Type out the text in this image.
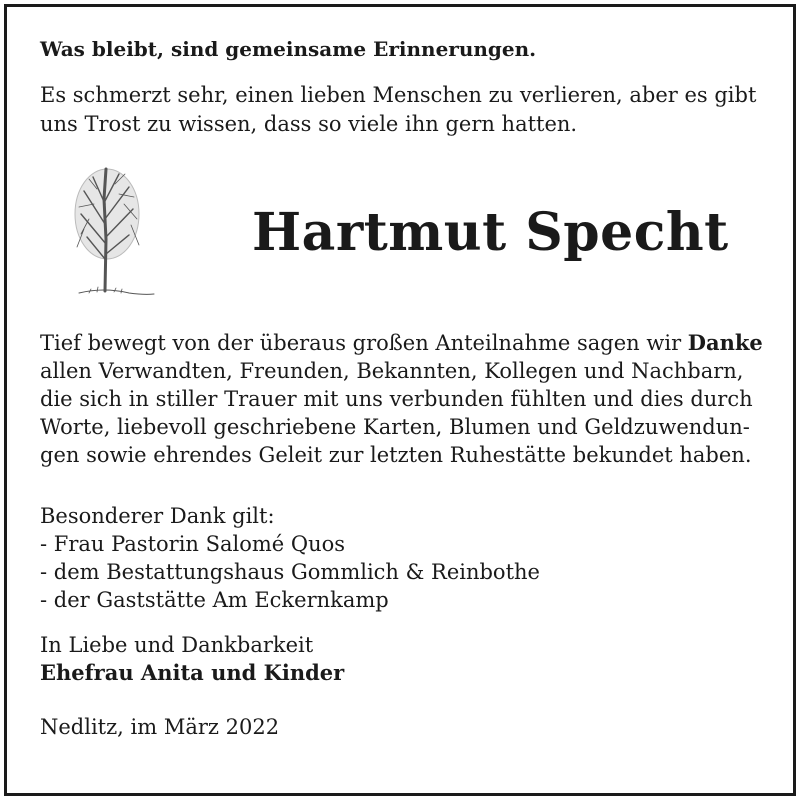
Was bleibt, sind gemeinsame Erinnerungen.
Es schmerzt sehr, einen lieben Menschen zu verlieren, aber es gibt uns Trost zu wissen, dass so viele ihn gern hatten.
Hartmut Specht
Tief bewegt von der überaus großen Anteilnahme sagen wir Danke
allen Verwandten, Freunden, Bekannten, Kollegen und Nachbarn,
die sich in stiller Trauer mit uns verbunden fühlten und dies durch
Worte, liebevoll geschriebene Karten, Blumen und Geldzuwendun-
gen sowie ehrendes Geleit zur letzten Ruhestätte bekundet haben.
Besonderer Dank gilt:
- Frau Pastorin Salomé Quos
- dem Bestattungshaus Gommlich & Reinbothe
- der Gaststätte Am Eckernkamp
In Liebe und Dankbarkeit
Ehefrau Anita und Kinder
Nedlitz, im März 2022
